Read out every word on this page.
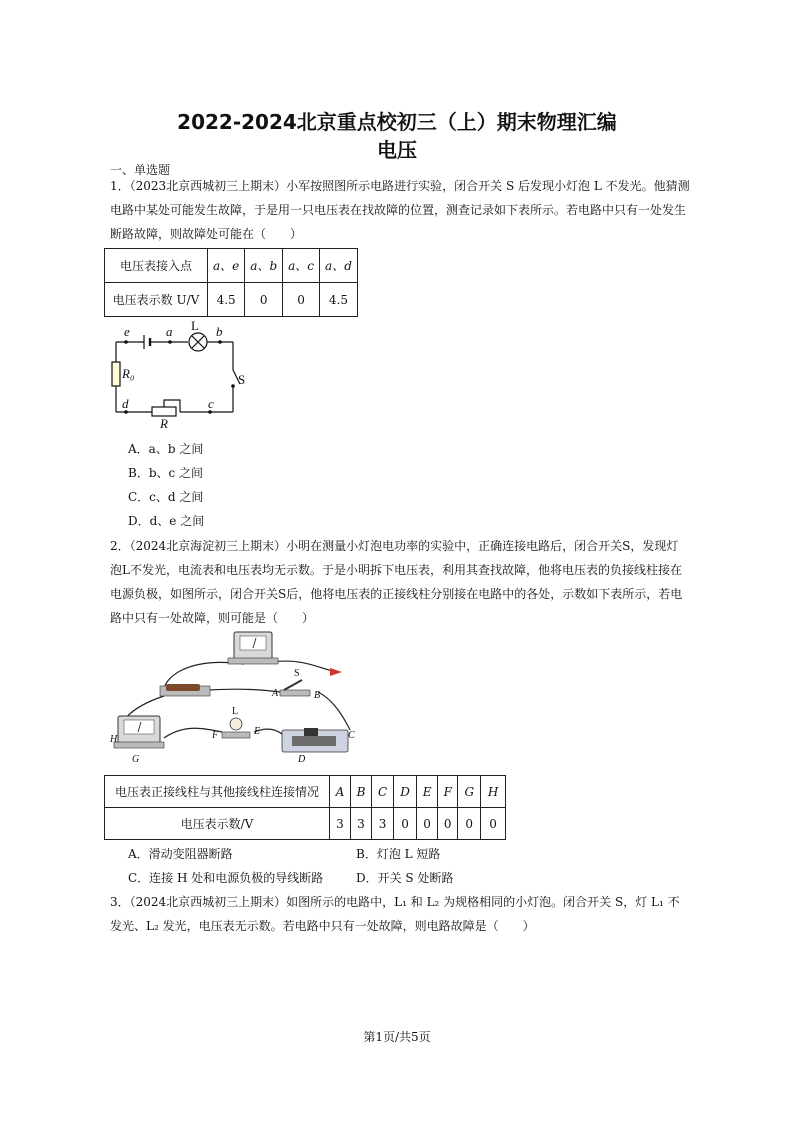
2022-2024北京重点校初三（上）期末物理汇编
电压
一、单选题
1．（2023北京西城初三上期末）小军按照图所示电路进行实验，闭合开关 S 后发现小灯泡 L 不发光。他猜测电路中某处可能发生故障，于是用一只电压表在找故障的位置，测查记录如下表所示。若电路中只有一处发生断路故障，则故障处可能在（　　）
电压表接入点	a、e	a、b	a、c	a、d
电压表示数 U/V	4.5	0	0	4.5
e	a L b
R₀	S
d	c
R
A．a、b 之间
B．b、c 之间
C．c、d 之间
D．d、e 之间
2．（2024北京海淀初三上期末）小明在测量小灯泡电功率的实验中，正确连接电路后，闭合开关S，发现灯泡L不发光，电流表和电压表均无示数。于是小明拆下电压表，利用其查找故障，他将电压表的负接线柱接在电源负极，如图所示，闭合开关S后，他将电压表的正接线柱分别接在电路中的各处，示数如下表所示，若电路中只有一处故障，则可能是（　　）
S
A	B
L
E
F
H
G
C
D
电压表正接线柱与其他接线柱连接情况	A	B	C	D	E	F	G	H
电压表示数/V	3	3	3	0	0	0	0	0
A．滑动变阻器断路	B．灯泡 L 短路
C．连接 H 处和电源负极的导线断路	D．开关 S 处断路
3．（2024北京西城初三上期末）如图所示的电路中，L₁ 和 L₂ 为规格相同的小灯泡。闭合开关 S，灯 L₁ 不发光、L₂ 发光，电压表无示数。若电路中只有一处故障，则电路故障是（　　）
第1页/共5页
